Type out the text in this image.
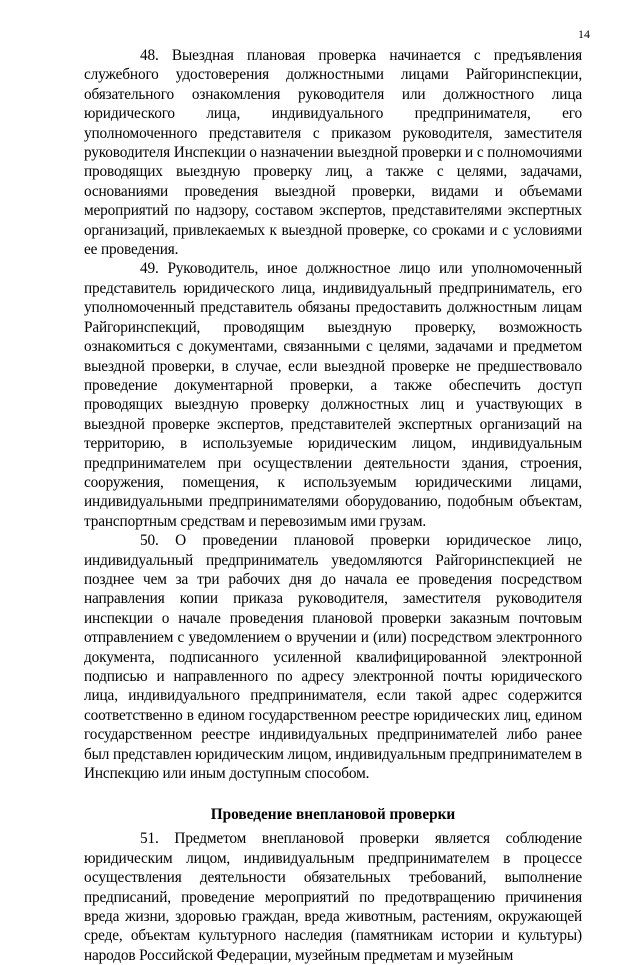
14

48. Выездная плановая проверка начинается с предъявления служебного удостоверения должностными лицами Райгоринспекции, обязательного ознакомления руководителя или должностного лица юридического лица, индивидуального предпринимателя, его уполномоченного представителя с приказом руководителя, заместителя руководителя Инспекции о назначении выездной проверки и с полномочиями проводящих выездную проверку лиц, а также с целями, задачами, основаниями проведения выездной проверки, видами и объемами мероприятий по надзору, составом экспертов, представителями экспертных организаций, привлекаемых к выездной проверке, со сроками и с условиями ее проведения.

49. Руководитель, иное должностное лицо или уполномоченный представитель юридического лица, индивидуальный предприниматель, его уполномоченный представитель обязаны предоставить должностным лицам Райгоринспекций, проводящим выездную проверку, возможность ознакомиться с документами, связанными с целями, задачами и предметом выездной проверки, в случае, если выездной проверке не предшествовало проведение документарной проверки, а также обеспечить доступ проводящих выездную проверку должностных лиц и участвующих в выездной проверке экспертов, представителей экспертных организаций на территорию, в используемые юридическим лицом, индивидуальным предпринимателем при осуществлении деятельности здания, строения, сооружения, помещения, к используемым юридическими лицами, индивидуальными предпринимателями оборудованию, подобным объектам, транспортным средствам и перевозимым ими грузам.

50. О проведении плановой проверки юридическое лицо, индивидуальный предприниматель уведомляются Райгоринспекцией не позднее чем за три рабочих дня до начала ее проведения посредством направления копии приказа руководителя, заместителя руководителя инспекции о начале проведения плановой проверки заказным почтовым отправлением с уведомлением о вручении и (или) посредством электронного документа, подписанного усиленной квалифицированной электронной подписью и направленного по адресу электронной почты юридического лица, индивидуального предпринимателя, если такой адрес содержится соответственно в едином государственном реестре юридических лиц, едином государственном реестре индивидуальных предпринимателей либо ранее был представлен юридическим лицом, индивидуальным предпринимателем в Инспекцию или иным доступным способом.

Проведение внеплановой проверки

51. Предметом внеплановой проверки является соблюдение юридическим лицом, индивидуальным предпринимателем в процессе осуществления деятельности обязательных требований, выполнение предписаний, проведение мероприятий по предотвращению причинения вреда жизни, здоровью граждан, вреда животным, растениям, окружающей среде, объектам культурного наследия (памятникам истории и культуры) народов Российской Федерации, музейным предметам и музейным
